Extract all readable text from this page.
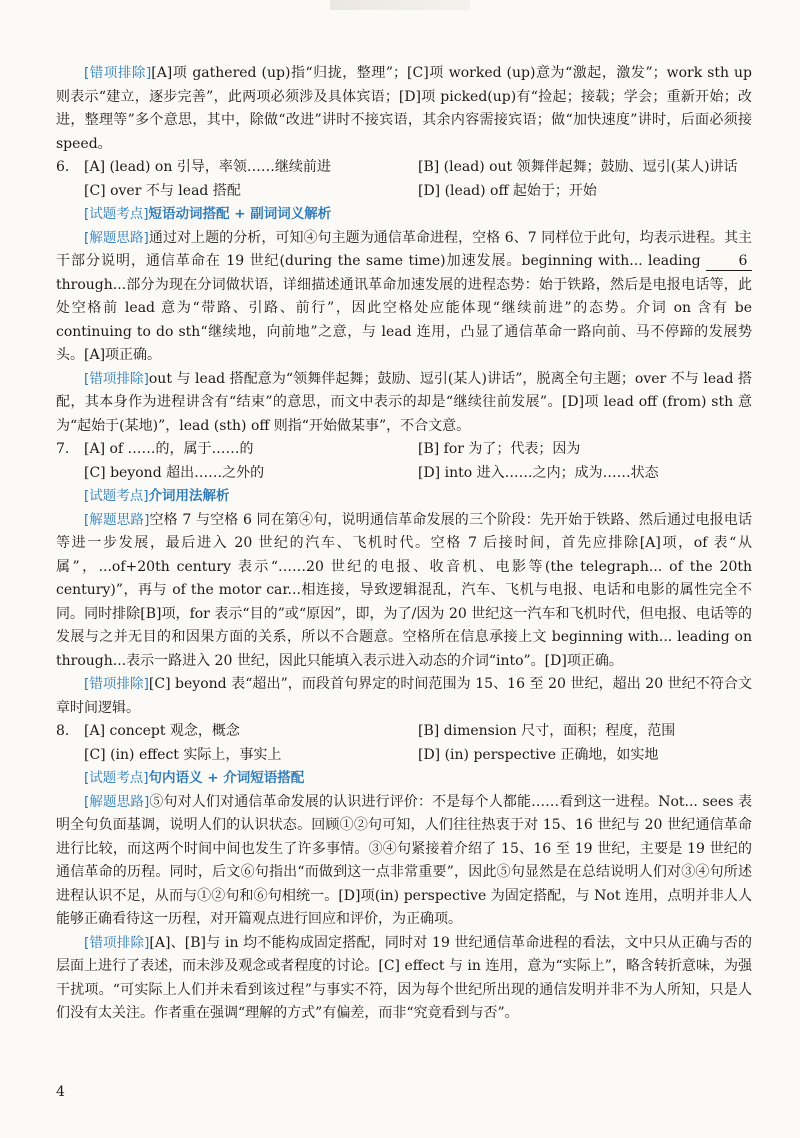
[错项排除][A]项 gathered (up)指“归拢，整理”；[C]项 worked (up)意为“激起，激发”；work sth up 则表示“建立，逐步完善”，此两项必须涉及具体宾语；[D]项 picked(up)有“捡起；接载；学会；重新开始；改进，整理等”多个意思，其中，除做“改进”讲时不接宾语，其余内容需接宾语；做“加快速度”讲时，后面必须接 speed。

6.	[A] (lead) on 引导，率领……继续前进	[B] (lead) out 领舞伴起舞；鼓励、逗引(某人)讲话
[C] over 不与 lead 搭配	[D] (lead) off 起始于；开始

[试题考点]短语动词搭配 + 副词词义解析

[解题思路]通过对上题的分析，可知④句主题为通信革命进程，空格 6、7 同样位于此句，均表示进程。其主干部分说明，通信革命在 19 世纪(during the same time)加速发展。beginning with... leading	6 through...部分为现在分词做状语，详细描述通讯革命加速发展的进程态势：始于铁路，然后是电报电话等，此处空格前 lead 意为“带路、引路、前行”，因此空格处应能体现“继续前进”的态势。介词 on 含有 be continuing to do sth“继续地，向前地”之意，与 lead 连用，凸显了通信革命一路向前、马不停蹄的发展势头。[A]项正确。

[错项排除]out 与 lead 搭配意为“领舞伴起舞；鼓励、逗引(某人)讲话”，脱离全句主题；over 不与 lead 搭配，其本身作为进程讲含有“结束”的意思，而文中表示的却是“继续往前发展”。[D]项 lead off (from) sth 意为“起始于(某地)”，lead (sth) off 则指“开始做某事”，不合文意。

7.	[A] of ……的，属于……的	[B] for 为了；代表；因为
[C] beyond 超出……之外的	[D] into 进入……之内；成为……状态

[试题考点]介词用法解析

[解题思路]空格 7 与空格 6 同在第④句，说明通信革命发展的三个阶段：先开始于铁路、然后通过电报电话等进一步发展，最后进入 20 世纪的汽车、飞机时代。空格 7 后接时间，首先应排除[A]项，of 表“从属”，...of+20th century 表示“……20 世纪的电报、收音机、电影等(the telegraph... of the 20th century)”，再与 of the motor car...相连接，导致逻辑混乱，汽车、飞机与电报、电话和电影的属性完全不同。同时排除[B]项，for 表示“目的”或“原因”，即，为了/因为 20 世纪这一汽车和飞机时代，但电报、电话等的发展与之并无目的和因果方面的关系，所以不合题意。空格所在信息承接上文 beginning with... leading on through...表示一路进入 20 世纪，因此只能填入表示进入动态的介词“into”。[D]项正确。

[错项排除][C] beyond 表“超出”，而段首句界定的时间范围为 15、16 至 20 世纪，超出 20 世纪不符合文章时间逻辑。

8.	[A] concept 观念，概念	[B] dimension 尺寸，面积；程度，范围
[C] (in) effect 实际上，事实上	[D] (in) perspective 正确地，如实地

[试题考点]句内语义 + 介词短语搭配

[解题思路]⑤句对人们对通信革命发展的认识进行评价：不是每个人都能……看到这一进程。Not... sees 表明全句负面基调，说明人们的认识状态。回顾①②句可知，人们往往热衷于对 15、16 世纪与 20 世纪通信革命进行比较，而这两个时间中间也发生了许多事情。③④句紧接着介绍了 15、16 至 19 世纪，主要是 19 世纪的通信革命的历程。同时，后文⑥句指出“而做到这一点非常重要”，因此⑤句显然是在总结说明人们对③④句所述进程认识不足，从而与①②句和⑥句相统一。[D]项(in) perspective 为固定搭配，与 Not 连用，点明并非人人能够正确看待这一历程，对开篇观点进行回应和评价，为正确项。

[错项排除][A]、[B]与 in 均不能构成固定搭配，同时对 19 世纪通信革命进程的看法，文中只从正确与否的层面上进行了表述，而未涉及观念或者程度的讨论。[C] effect 与 in 连用，意为“实际上”，略含转折意味，为强干扰项。“可实际上人们并未看到该过程”与事实不符，因为每个世纪所出现的通信发明并非不为人所知，只是人们没有太关注。作者重在强调“理解的方式”有偏差，而非“究竟看到与否”。

4
